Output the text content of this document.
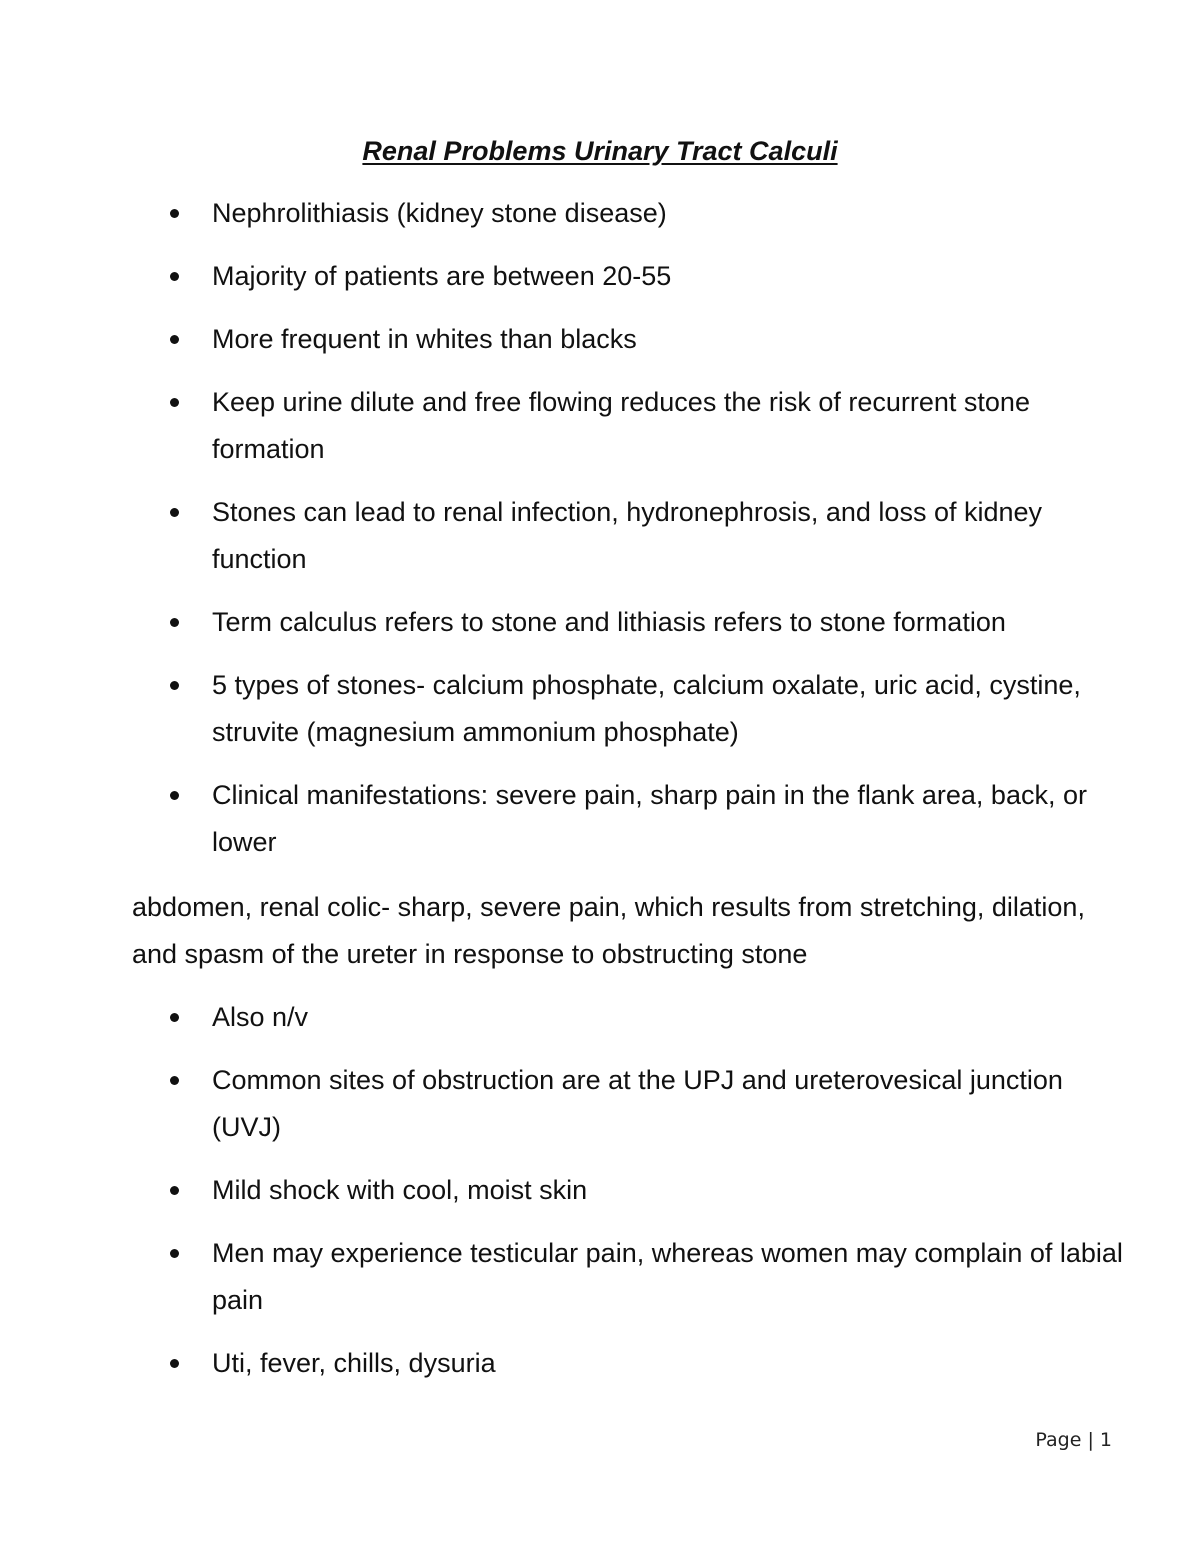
Renal Problems Urinary Tract Calculi
Nephrolithiasis (kidney stone disease)
Majority of patients are between 20-55
More frequent in whites than blacks
Keep urine dilute and free flowing reduces the risk of recurrent stone formation
Stones can lead to renal infection, hydronephrosis, and loss of kidney function
Term calculus refers to stone and lithiasis refers to stone formation
5 types of stones- calcium phosphate, calcium oxalate, uric acid, cystine, struvite (magnesium ammonium phosphate)
Clinical manifestations: severe pain, sharp pain in the flank area, back, or lower

abdomen, renal colic- sharp, severe pain, which results from stretching, dilation, and spasm of the ureter in response to obstructing stone

Also n/v
Common sites of obstruction are at the UPJ and ureterovesical junction (UVJ)
Mild shock with cool, moist skin
Men may experience testicular pain, whereas women may complain of labial pain
Uti, fever, chills, dysuria
Page | 1
